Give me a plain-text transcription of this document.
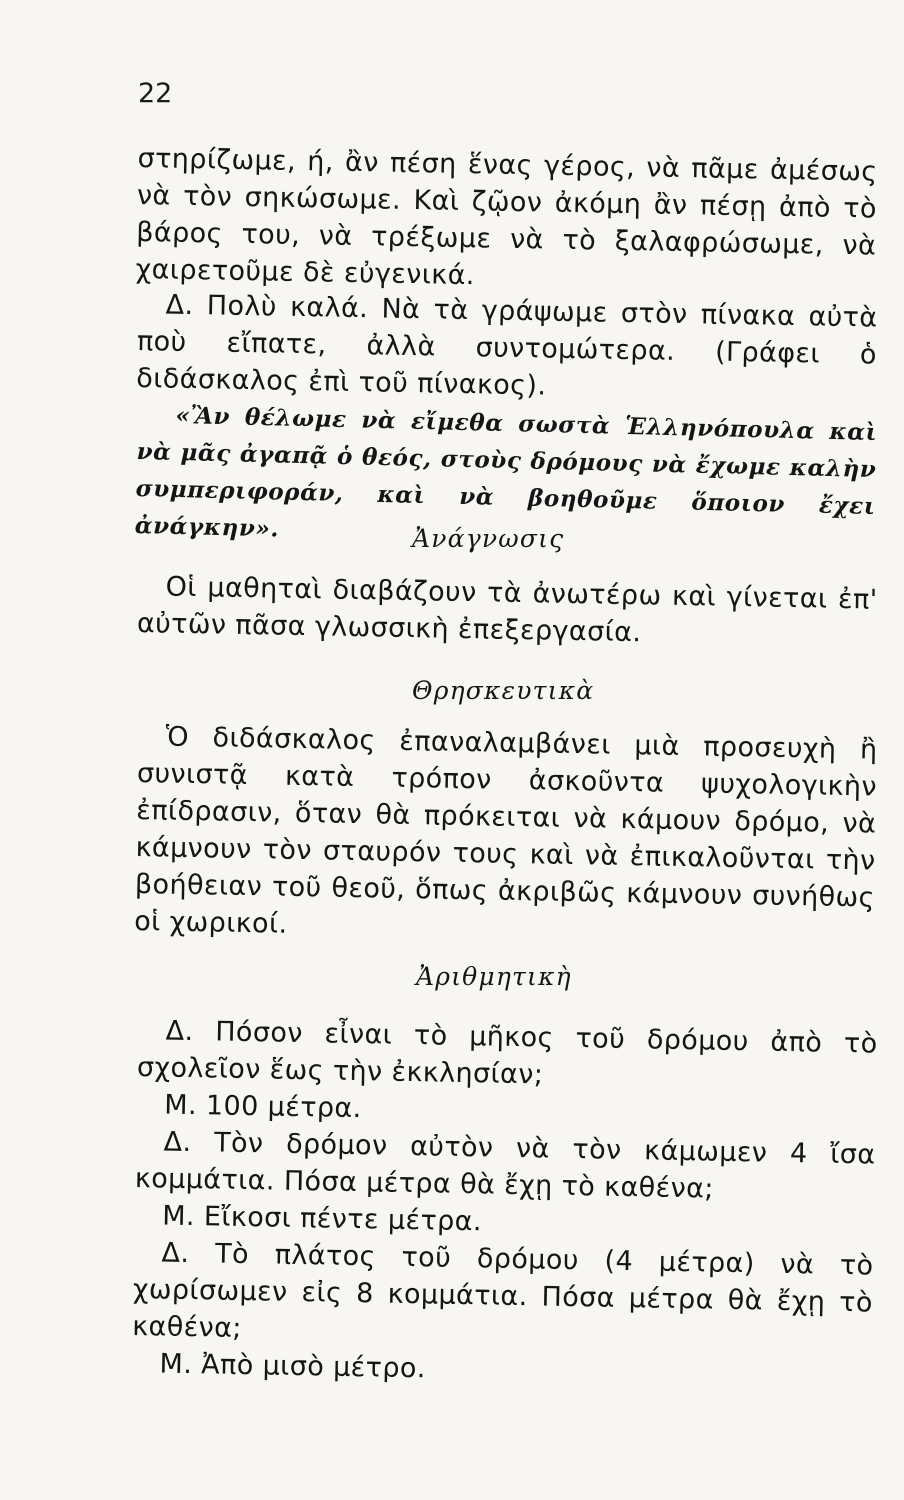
22

στηρίζωμε, ή, ἂν πέση ἕνας γέρος, νὰ πᾶμε ἀμέσως νὰ τὸν σηκώσωμε. Καὶ ζῷον ἀκόμη ἂν πέσῃ ἀπὸ τὸ βάρος του, νὰ τρέξωμε νὰ τὸ ξαλαφρώσωμε, νὰ χαιρετοῦμε δὲ εὐγενικά.

Δ. Πολὺ καλά. Νὰ τὰ γράψωμε στὸν πίνακα αὐτὰ ποὺ εἴπατε, ἀλλὰ συντομώτερα. (Γράφει ὁ διδάσκαλος ἐπὶ τοῦ πίνακος).

«Ἂν θέλωμε νὰ εἴμεθα σωστὰ Ἑλληνόπουλα καὶ νὰ μᾶς ἀγαπᾷ ὁ θεός, στοὺς δρόμους νὰ ἔχωμε καλὴν συμπεριφοράν, καὶ νὰ βοηθοῦμε ὅποιον ἔχει ἀνάγκην».	Ἀνάγνωσις

Οἱ μαθηταὶ διαβάζουν τὰ ἀνωτέρω καὶ γίνεται ἐπ' αὐτῶν πᾶσα γλωσσικὴ ἐπεξεργασία.

Θρησκευτικὰ

Ὁ διδάσκαλος ἐπαναλαμβάνει μιὰ προσευχὴ ἢ συνιστᾷ κατὰ τρόπον ἀσκοῦντα ψυχολογικὴν ἐπίδρασιν, ὅταν θὰ πρόκειται νὰ κάμουν δρόμο, νὰ κάμνουν τὸν σταυρόν τους καὶ νὰ ἐπικαλοῦνται τὴν βοήθειαν τοῦ θεοῦ, ὅπως ἀκριβῶς κάμνουν συνήθως οἱ χωρικοί.

Ἀριθμητικὴ

Δ. Πόσον εἶναι τὸ μῆκος τοῦ δρόμου ἀπὸ τὸ σχολεῖον ἕως τὴν ἐκκλησίαν;

Μ. 100 μέτρα.

Δ. Τὸν δρόμον αὐτὸν νὰ τὸν κάμωμεν 4 ἴσα κομμάτια. Πόσα μέτρα θὰ ἔχῃ τὸ καθένα;

Μ. Εἴκοσι πέντε μέτρα.

Δ. Τὸ πλάτος τοῦ δρόμου (4 μέτρα) νὰ τὸ χωρίσωμεν εἰς 8 κομμάτια. Πόσα μέτρα θὰ ἔχῃ τὸ καθένα;

Μ. Ἀπὸ μισὸ μέτρο.
